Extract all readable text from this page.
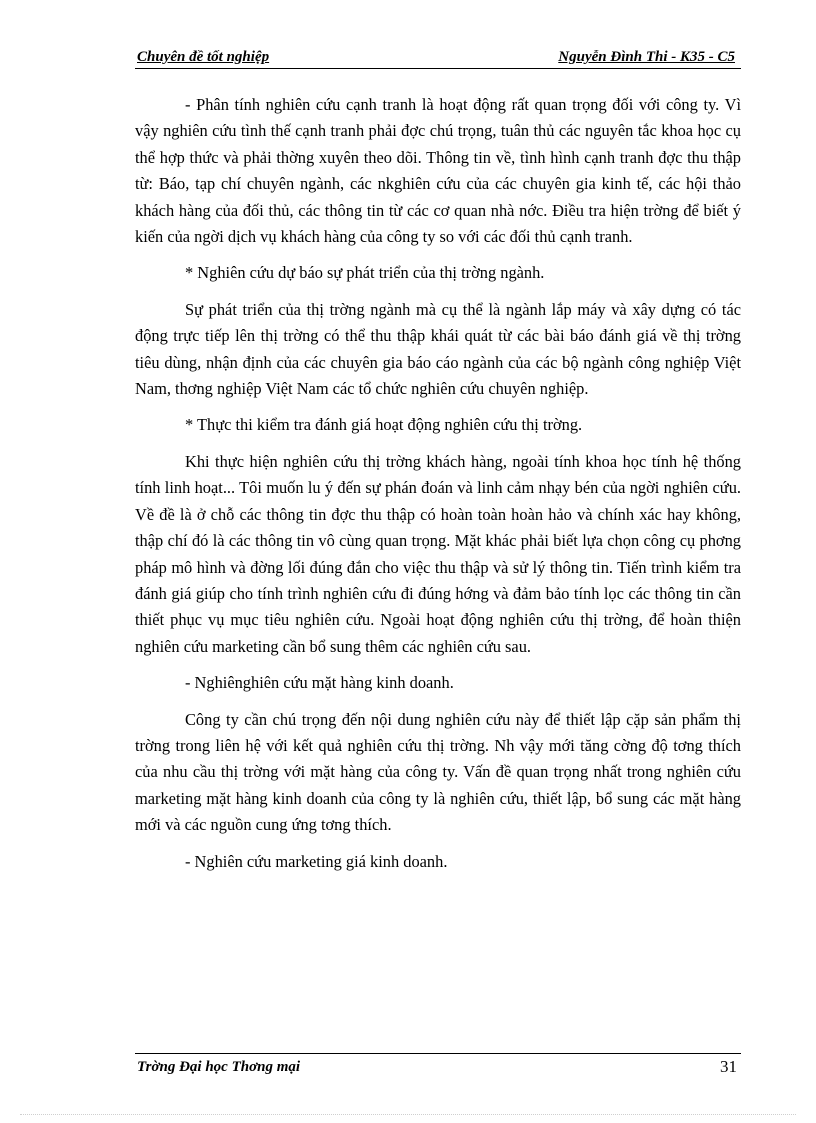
Chuyên đề tốt nghiệp	Nguyễn Đình Thi - K35 - C5

- Phân tính nghiên cứu cạnh tranh là hoạt động rất quan trọng đối với công ty. Vì vậy nghiên cứu tình thế cạnh tranh phải đợc chú trọng, tuân thủ các nguyên tắc khoa học cụ thể hợp thức và phải thờng xuyên theo dõi. Thông tin về, tình hình cạnh tranh đợc thu thập từ: Báo, tạp chí chuyên ngành, các nkghiên cứu của các chuyên gia kinh tế, các hội thảo khách hàng của đối thủ, các thông tin từ các cơ quan nhà nớc. Điều tra hiện trờng để biết ý kiến của ngời dịch vụ khách hàng của công ty so với các đối thủ cạnh tranh.

* Nghiên cứu dự báo sự phát triển của thị trờng ngành.

Sự phát triển của thị trờng ngành mà cụ thể là ngành lắp máy và xây dựng có tác động trực tiếp lên thị trờng có thể thu thập khái quát từ các bài báo đánh giá về thị trờng tiêu dùng, nhận định của các chuyên gia báo cáo ngành của các bộ ngành công nghiệp Việt Nam, thơng nghiệp Việt Nam các tổ chức nghiên cứu chuyên nghiệp.

* Thực thi kiểm tra đánh giá hoạt động nghiên cứu thị trờng.

Khi thực hiện nghiên cứu thị trờng khách hàng, ngoài tính khoa học tính hệ thống tính linh hoạt... Tôi muốn lu ý đến sự phán đoán và linh cảm nhạy bén của ngời nghiên cứu. Về đề là ở chỗ các thông tin đợc thu thập có hoàn toàn hoàn hảo và chính xác hay không, thập chí đó là các thông tin vô cùng quan trọng. Mặt khác phải biết lựa chọn công cụ phơng pháp mô hình và đờng lối đúng đắn cho việc thu thập và sử lý thông tin. Tiến trình kiểm tra đánh giá giúp cho tính trình nghiên cứu đi đúng hớng và đảm bảo tính lọc các thông tin cần thiết phục vụ mục tiêu nghiên cứu. Ngoài hoạt động nghiên cứu thị trờng, để hoàn thiện nghiên cứu marketing cần bổ sung thêm các nghiên cứu sau.

- Nghiênghiên cứu mặt hàng kinh doanh.

Công ty cần chú trọng đến nội dung nghiên cứu này để thiết lập cặp sản phẩm thị trờng trong liên hệ với kết quả nghiên cứu thị trờng. Nh vậy mới tăng cờng độ tơng thích của nhu cầu thị trờng với mặt hàng của công ty. Vấn đề quan trọng nhất trong nghiên cứu marketing mặt hàng kinh doanh của công ty là nghiên cứu, thiết lập, bổ sung các mặt hàng mới và các nguồn cung ứng tơng thích.

- Nghiên cứu marketing giá kinh doanh.

Trờng Đại học Thơng mại	31
